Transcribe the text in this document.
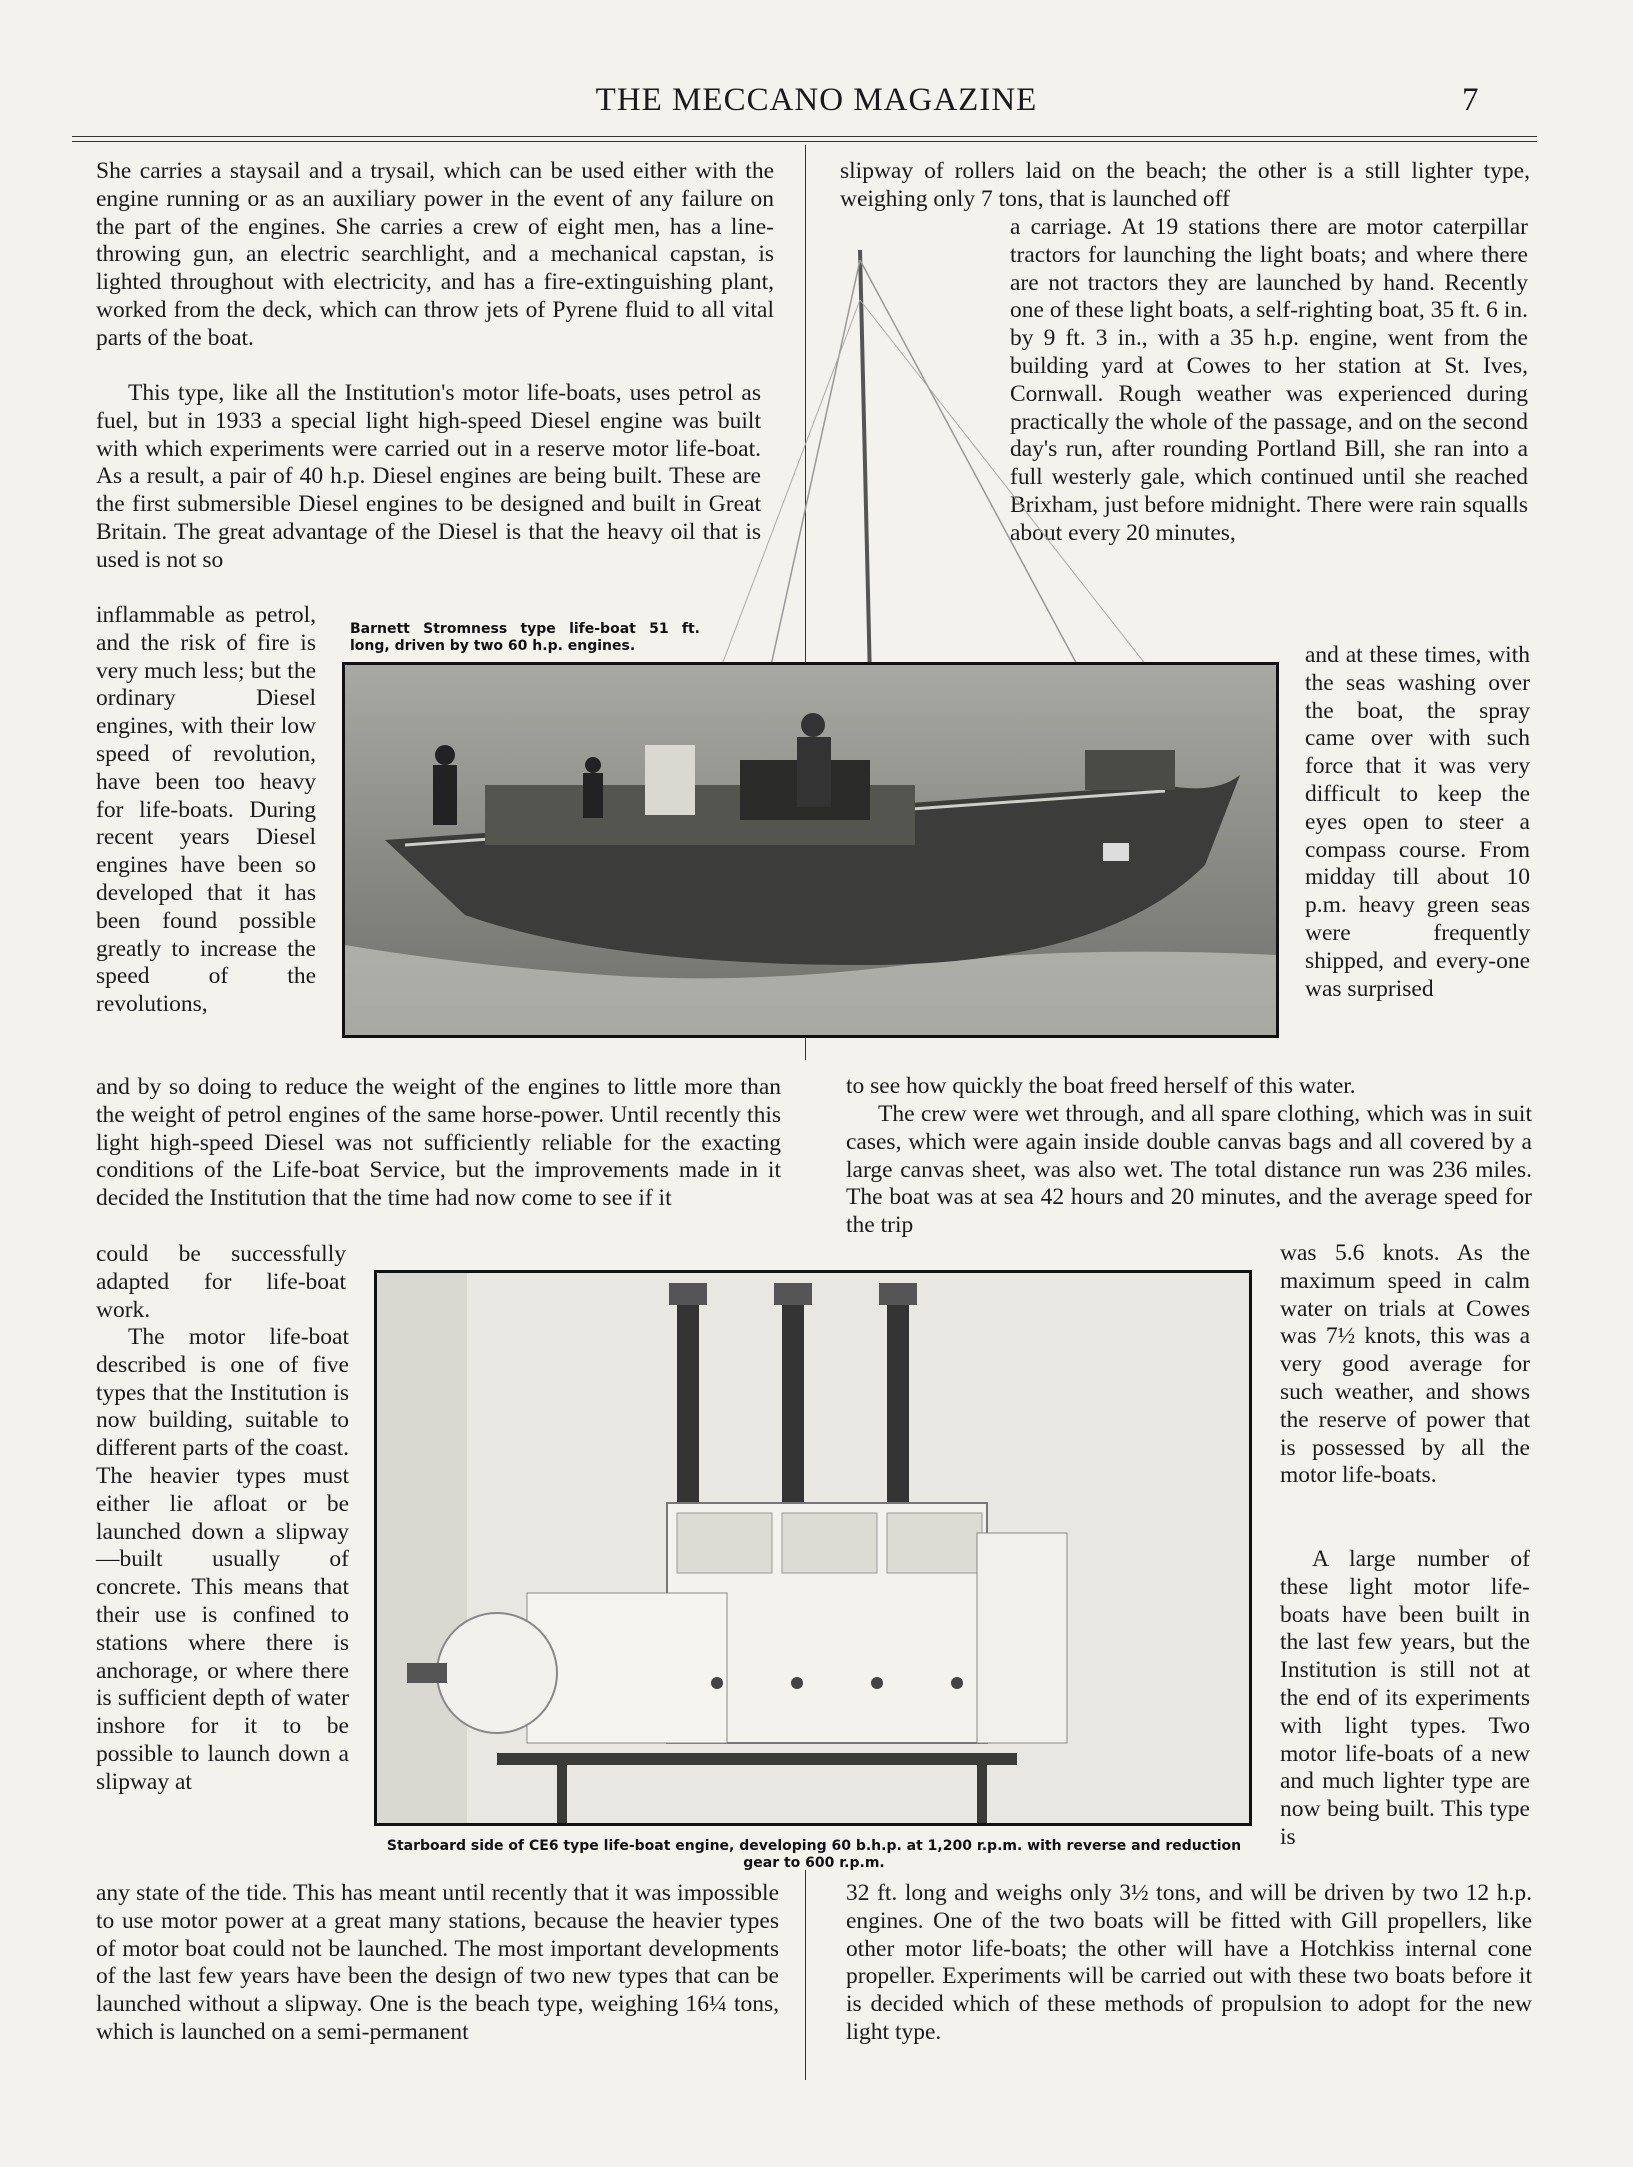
THE MECCANO MAGAZINE	7

She carries a staysail and a trysail, which can be used either with the engine running or as an auxiliary power in the event of any failure on the part of the engines. She carries a crew of eight men, has a line-throwing gun, an electric searchlight, and a mechanical capstan, is lighted throughout with electricity, and has a fire-extinguishing plant, worked from the deck, which can throw jets of Pyrene fluid to all vital parts of the boat.

This type, like all the Institution's motor life-boats, uses petrol as fuel, but in 1933 a special light high-speed Diesel engine was built with which experiments were carried out in a reserve motor life-boat. As a result, a pair of 40 h.p. Diesel engines are being built. These are the first submersible Diesel engines to be designed and built in Great Britain. The great advantage of the Diesel is that the heavy oil that is used is not so

inflammable as petrol, and the risk of fire is very much less; but the ordinary Diesel engines, with their low speed of revolution, have been too heavy for life-boats. During recent years Diesel engines have been so developed that it has been found possible greatly to increase the speed of the revolutions,

and by so doing to reduce the weight of the engines to little more than the weight of petrol engines of the same horse-power. Until recently this light high-speed Diesel was not sufficiently reliable for the exacting conditions of the Life-boat Service, but the improvements made in it decided the Institution that the time had now come to see if it

could be successfully adapted for life-boat work.

The motor life-boat described is one of five types that the Institution is now building, suitable to different parts of the coast. The heavier types must either lie afloat or be launched down a slipway—built usually of concrete. This means that their use is confined to stations where there is anchorage, or where there is sufficient depth of water inshore for it to be possible to launch down a slipway at

any state of the tide. This has meant until recently that it was impossible to use motor power at a great many stations, because the heavier types of motor boat could not be launched. The most important developments of the last few years have been the design of two new types that can be launched without a slipway. One is the beach type, weighing 16¼ tons, which is launched on a semi-permanent

slipway of rollers laid on the beach; the other is a still lighter type, weighing only 7 tons, that is launched off

a carriage. At 19 stations there are motor caterpillar tractors for launching the light boats; and where there are not tractors they are launched by hand. Recently one of these light boats, a self-righting boat, 35 ft. 6 in. by 9 ft. 3 in., with a 35 h.p. engine, went from the building yard at Cowes to her station at St. Ives, Cornwall. Rough weather was experienced during practically the whole of the passage, and on the second day's run, after rounding Portland Bill, she ran into a full westerly gale, which continued until she reached Brixham, just before midnight. There were rain squalls about every 20 minutes,

and at these times, with the seas washing over the boat, the spray came over with such force that it was very difficult to keep the eyes open to steer a compass course. From midday till about 10 p.m. heavy green seas were frequently shipped, and every-one was surprised

to see how quickly the boat freed herself of this water.

The crew were wet through, and all spare clothing, which was in suit cases, which were again inside double canvas bags and all covered by a large canvas sheet, was also wet. The total distance run was 236 miles. The boat was at sea 42 hours and 20 minutes, and the average speed for the trip

was 5.6 knots. As the maximum speed in calm water on trials at Cowes was 7½ knots, this was a very good average for such weather, and shows the reserve of power that is possessed by all the motor life-boats.

A large number of these light motor life-boats have been built in the last few years, but the Institution is still not at the end of its experiments with light types. Two motor life-boats of a new and much lighter type are now being built. This type is

32 ft. long and weighs only 3½ tons, and will be driven by two 12 h.p. engines. One of the two boats will be fitted with Gill propellers, like other motor life-boats; the other will have a Hotchkiss internal cone propeller. Experiments will be carried out with these two boats before it is decided which of these methods of propulsion to adopt for the new light type.

Barnett Stromness type life-boat 51 ft. long, driven by two 60 h.p. engines.
Starboard side of CE6 type life-boat engine, developing 60 b.h.p. at 1,200 r.p.m. with reverse and reduction gear to 600 r.p.m.
